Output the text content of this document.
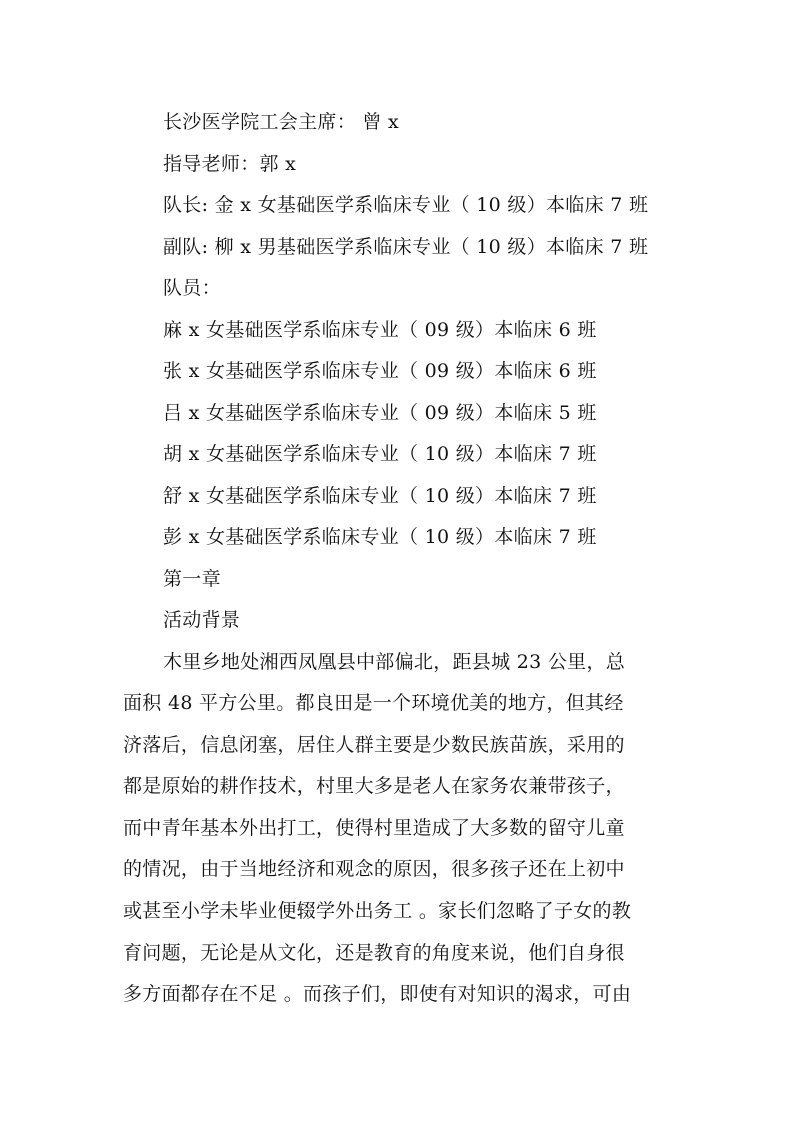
长沙医学院工会主席： 曾 x
指导老师：郭 x
队长: 金 x 女基础医学系临床专业（ 10 级）本临床 7 班
副队: 柳 x 男基础医学系临床专业（ 10 级）本临床 7 班
队员：
麻 x 女基础医学系临床专业（ 09 级）本临床 6 班
张 x 女基础医学系临床专业（ 09 级）本临床 6 班
吕 x 女基础医学系临床专业（ 09 级）本临床 5 班
胡 x 女基础医学系临床专业（ 10 级）本临床 7 班
舒 x 女基础医学系临床专业（ 10 级）本临床 7 班
彭 x 女基础医学系临床专业（ 10 级）本临床 7 班
第一章
活动背景
木里乡地处湘西凤凰县中部偏北，距县城 23 公里，总
面积 48 平方公里。都良田是一个环境优美的地方，但其经
济落后，信息闭塞，居住人群主要是少数民族苗族，采用的
都是原始的耕作技术，村里大多是老人在家务农兼带孩子，
而中青年基本外出打工，使得村里造成了大多数的留守儿童
的情况，由于当地经济和观念的原因，很多孩子还在上初中
或甚至小学未毕业便辍学外出务工 。家长们忽略了子女的教
育问题，无论是从文化，还是教育的角度来说，他们自身很
多方面都存在不足 。而孩子们，即使有对知识的渴求，可由
